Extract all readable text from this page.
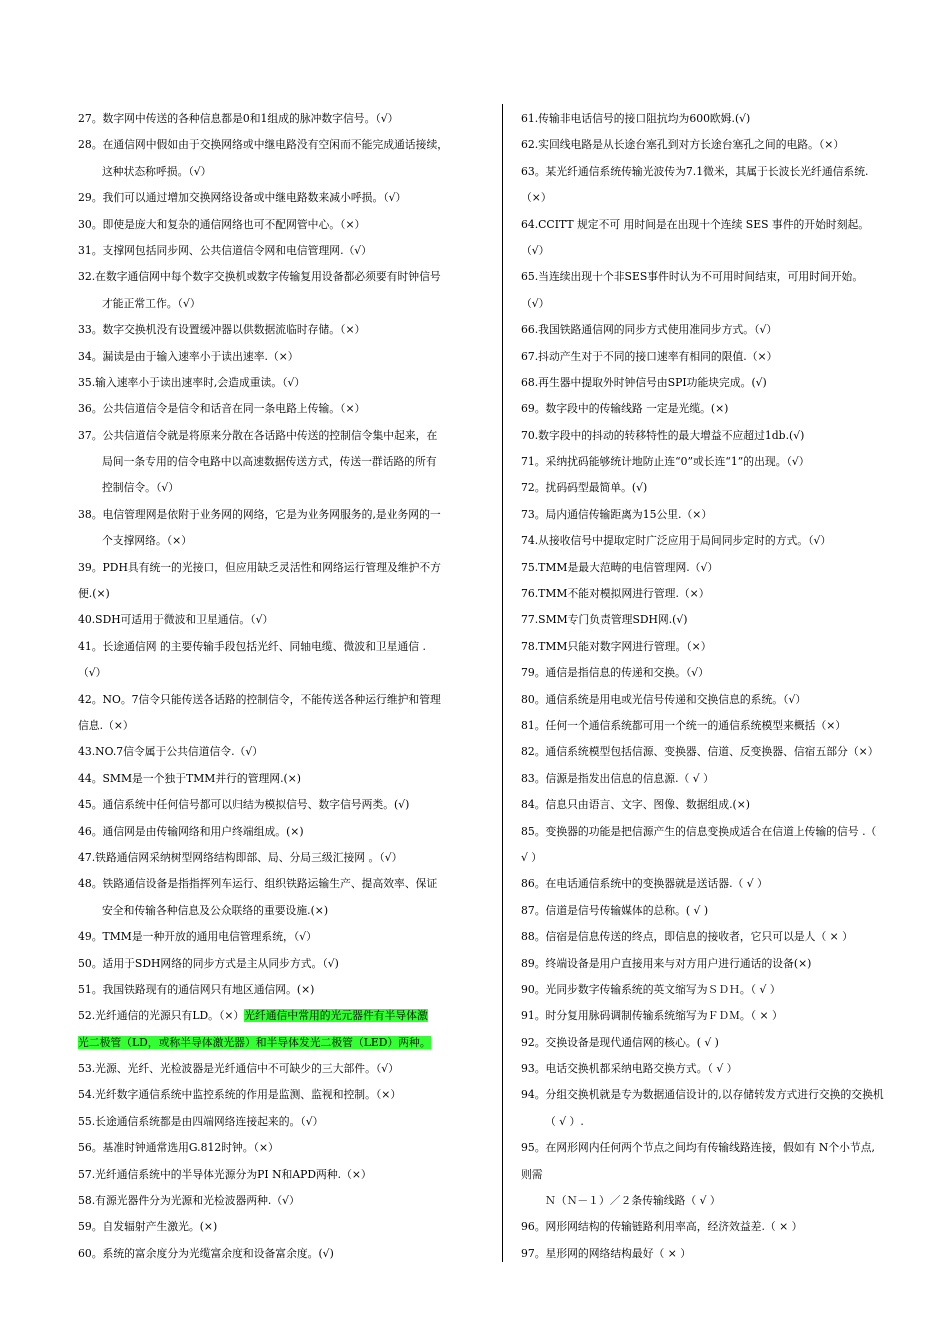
27。数字网中传送的各种信息都是0和1组成的脉冲数字信号。（√）
28。在通信网中假如由于交换网络或中继电路没有空闲而不能完成通话接续，
这种状态称呼损。（√）
29。我们可以通过增加交换网络设备或中继电路数来减小呼损。（√）
30。即使是庞大和复杂的通信网络也可不配网管中心。（×）
31。支撑网包括同步网、公共信道信令网和电信管理网.（√）
32.在数字通信网中每个数字交换机或数字传输复用设备都必须要有时钟信号
才能正常工作。（√）
33。数字交换机没有设置缓冲器以供数据流临时存储。（×）
34。漏读是由于输入速率小于读出速率.（×）
35.输入速率小于读出速率时,会造成重读。（√）
36。公共信道信令是信令和话音在同一条电路上传输。（×）
37。公共信道信令就是将原来分散在各话路中传送的控制信令集中起来，在
局间一条专用的信令电路中以高速数据传送方式，传送一群话路的所有
控制信令。（√）
38。电信管理网是依附于业务网的网络，它是为业务网服务的,是业务网的一
个支撑网络。（×）
39。PDH具有统一的光接口，但应用缺乏灵活性和网络运行管理及维护不方
便.(×)
40.SDH可适用于微波和卫星通信。（√）
41。长途通信网 的主要传输手段包括光纤、同轴电缆、微波和卫星通信 .
（√）
42。NO。7信令只能传送各话路的控制信令，不能传送各种运行维护和管理
信息.（×）
43.NO.7信令属于公共信道信令.（√）
44。SMM是一个独于TMM并行的管理网.(×)
45。通信系统中任何信号都可以归结为模拟信号、数字信号两类。(√)
46。通信网是由传输网络和用户终端组成。(×)
47.铁路通信网采纳树型网络结构即部、局、分局三级汇接网 。（√）
48。铁路通信设备是指指挥列车运行、组织铁路运输生产、提高效率、保证
安全和传输各种信息及公众联络的重要设施.(×)
49。TMM是一种开放的通用电信管理系统，（√）
50。适用于SDH网络的同步方式是主从同步方式。（√)
51。我国铁路现有的通信网只有地区通信网。(×)
52.光纤通信的光源只有LD。（×）光纤通信中常用的光元器件有半导体激
光二极管（LD，或称半导体激光器）和半导体发光二极管（LED）两种。
53.光源、光纤、光检波器是光纤通信中不可缺少的三大部件。（√）
54.光纤数字通信系统中监控系统的作用是监测、监视和控制。（×）
55.长途通信系统都是由四端网络连接起来的。（√）
56。基准时钟通常选用G.812时钟。（×）
57.光纤通信系统中的半导体光源分为PI N和APD两种.（×）
58.有源光器件分为光源和光检波器两种.（√）
59。自发辐射产生激光。(×)
60。系统的富余度分为光缆富余度和设备富余度。(√)
61.传输非电话信号的接口阻抗均为600欧姆.(√)
62.实回线电路是从长途台塞孔到对方长途台塞孔之间的电路。（×）
63。某光纤通信系统传输光波传为7.1微米，其属于长波长光纤通信系统.
（×）
64.CCITT 规定不可 用时间是在出现十个连续 SES 事件的开始时刻起。
（√）
65.当连续出现十个非SES事件时认为不可用时间结束，可用时间开始。
（√）
66.我国铁路通信网的同步方式使用准同步方式。（√）
67.抖动产生对于不同的接口速率有相同的限值.（×）
68.再生器中提取外时钟信号由SPI功能块完成。(√)
69。数字段中的传输线路 一定是光缆。(×)
70.数字段中的抖动的转移特性的最大增益不应超过1db.(√)
71。采纳扰码能够统计地防止连“0”或长连“1”的出现。（√）
72。扰码码型最简单。(√)
73。局内通信传输距离为15公里.（×）
74.从接收信号中提取定时广泛应用于局间同步定时的方式。（√）
75.TMM是最大范畴的电信管理网.（√）
76.TMM不能对模拟网进行管理.（×）
77.SMM专门负责管理SDH网.(√)
78.TMM只能对数字网进行管理。（×）
79。通信是指信息的传递和交换。（√）
80。通信系统是用电或光信号传递和交换信息的系统。（√）
81。任何一个通信系统都可用一个统一的通信系统模型来概括（×）
82。通信系统模型包括信源、变换器、信道、反变换器、信宿五部分（×）
83。信源是指发出信息的信息源.（ √ ）
84。信息只由语言、文字、图像、数据组成.(×)
85。变换器的功能是把信源产生的信息变换成适合在信道上传输的信号 .（
√ ）
86。在电话通信系统中的变换器就是送话器.（ √ ）
87。信道是信号传输媒体的总称。( √ )
88。信宿是信息传送的终点，即信息的接收者，它只可以是人（ × ）
89。终端设备是用户直接用来与对方用户进行通话的设备(×)
90。光同步数字传输系统的英文缩写为ＳＤＨ。（ √ ）
91。时分复用脉码调制传输系统缩写为ＦＤＭ。（ × ）
92。交换设备是现代通信网的核心。( √ )
93。电话交换机都采纳电路交换方式。（ √ ）
94。分组交换机就是专为数据通信设计的,以存储转发方式进行交换的交换机
（ √ ）.
95。在网形网内任何两个节点之间均有传输线路连接，假如有 N个小节点,
则需
Ｎ（Ｎ－１）／２条传输线路（ √ ）
96。网形网结构的传输链路利用率高，经济效益差.（ × ）
97。星形网的网络结构最好（ × ）
